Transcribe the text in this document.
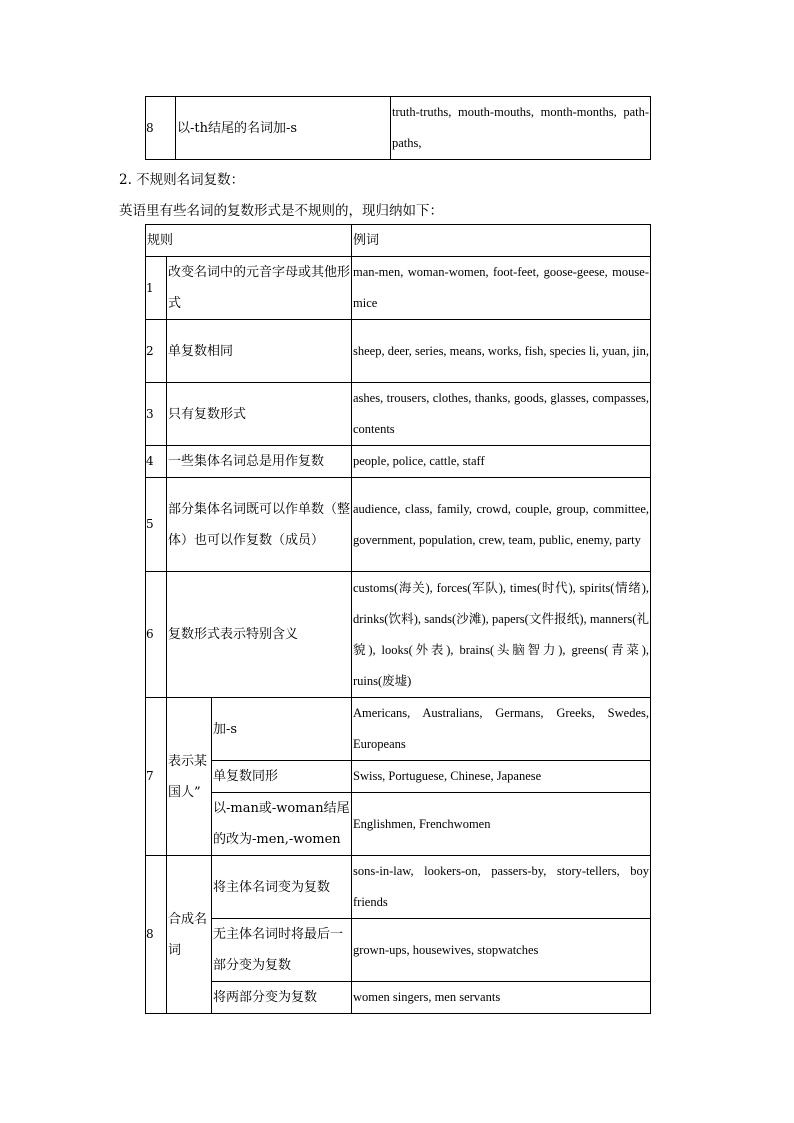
8	以-th结尾的名词加-s	truth-truths, mouth-mouths, month-months, path-paths,
2. 不规则名词复数：
英语里有些名词的复数形式是不规则的，现归纳如下：
规则			例词
1	改变名词中的元音字母或其他形式		man-men, woman-women, foot-feet, goose-geese, mouse-mice
2	单复数相同		sheep, deer, series, means, works, fish, species li, yuan, jin,
3	只有复数形式		ashes, trousers, clothes, thanks, goods, glasses, compasses, contents
4	一些集体名词总是用作复数		people, police, cattle, staff
5	部分集体名词既可以作单数（整体）也可以作复数（成员）		audience, class, family, crowd, couple, group, committee, government, population, crew, team, public, enemy, party
6	复数形式表示特别含义		customs(海关), forces(军队), times(时代), spirits(情绪), drinks(饮料), sands(沙滩), papers(文件报纸), manners(礼貌), looks(外表), brains(头脑智力), greens(青菜), ruins(废墟)
7	表示某国人”	加-s	Americans, Australians, Germans, Greeks, Swedes, Europeans
		单复数同形	Swiss, Portuguese, Chinese, Japanese
		以-man或-woman结尾的改为-men,-women	Englishmen, Frenchwomen
8	合成名词	将主体名词变为复数	sons-in-law, lookers-on, passers-by, story-tellers, boy friends
		无主体名词时将最后一部分变为复数	grown-ups, housewives, stopwatches
		将两部分变为复数	women singers, men servants
